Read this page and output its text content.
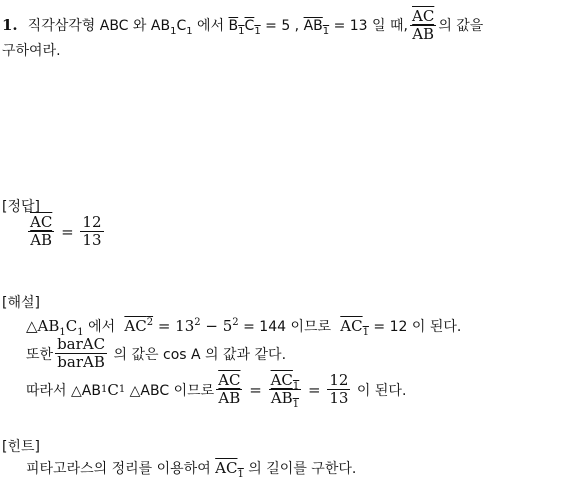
1. 직각삼각형 ABC 와 $AB_1C_1$ 에서 $B_1C_1 = 5$ , $AB_1 = 13$ 일 때, $\frac{\overline{AC}}{AB}$ 의 값을
구하여라.
[정답]
$\frac{\overline{AC}}{AB} = \frac{12}{13}$
[해설]
$\triangle AB_1C_1$ 에서  $AC^2 = 13^2 - 5^2 = 144$ 이므로  $AC_1 = 12$ 이 된다.
또한 $\frac{\text{barAC}}{\text{barAB}}$ 의 값은 cos A 의 값과 같다.
따라서 △AB 1 C 1 △ABC 이므로 $\frac{\overline{AC}}{AB} = \frac{AC_1}{AB_1} = \frac{12}{13}$ 이 된다.
[힌트]
피타고라스의 정리를 이용하여 $AC_1$ 의 길이를 구한다.
